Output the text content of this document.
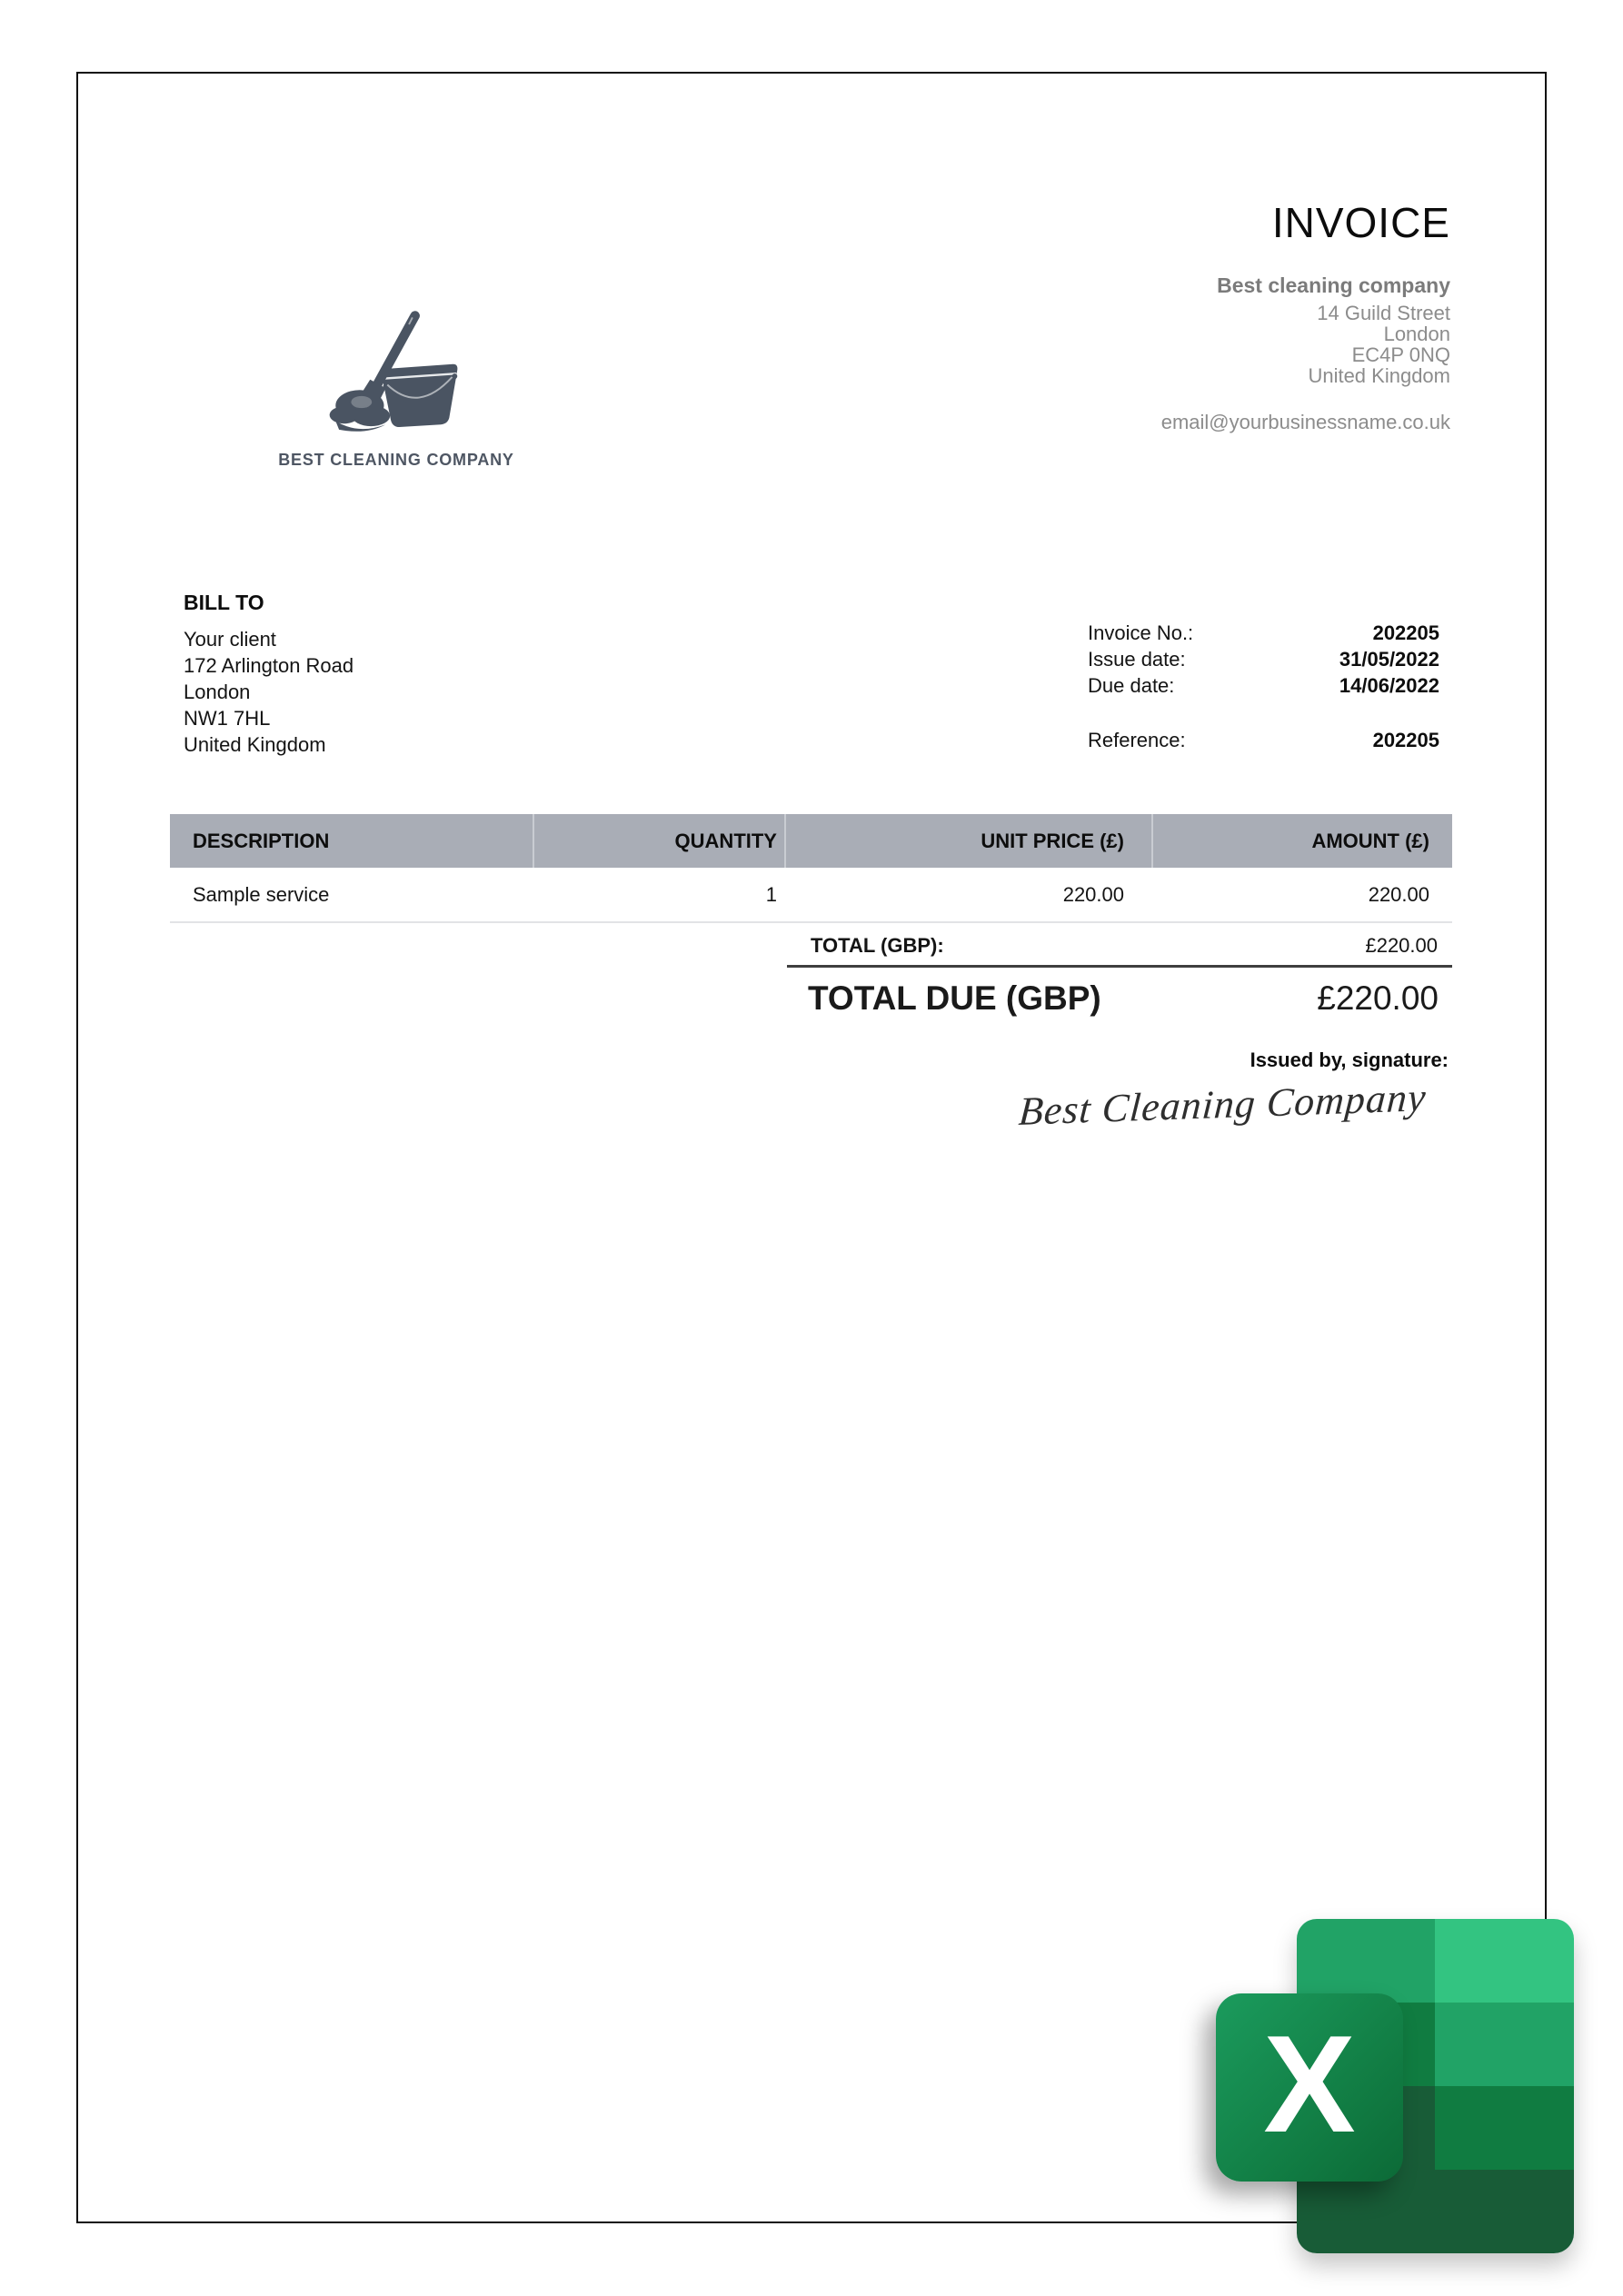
INVOICE
Best cleaning company
14 Guild Street
London
EC4P 0NQ
United Kingdom
email@yourbusinessname.co.uk
BEST CLEANING COMPANY
BILL TO
Your client
172 Arlington Road
London
NW1 7HL
United Kingdom
Invoice No.:	202205
Issue date:	31/05/2022
Due date:	14/06/2022
Reference:	202205
DESCRIPTION	QUANTITY	UNIT PRICE (£)	AMOUNT (£)
Sample service	1	220.00	220.00
TOTAL (GBP):	£220.00
TOTAL DUE (GBP)	£220.00
Issued by, signature:
Best Cleaning Company
X
